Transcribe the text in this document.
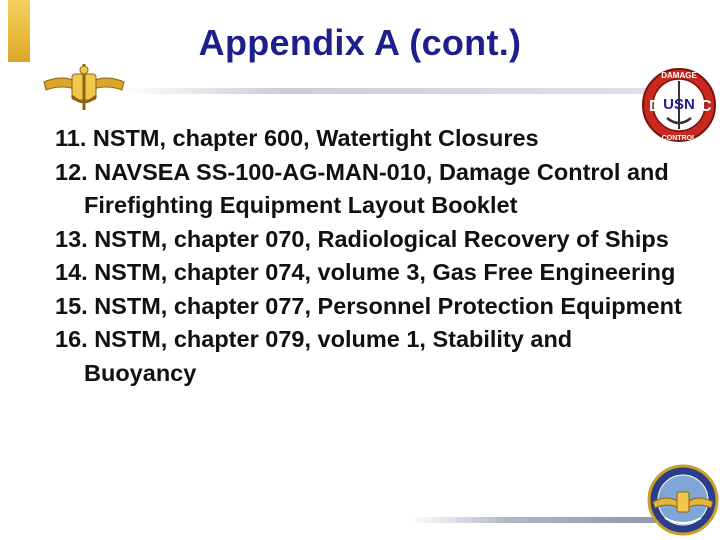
Appendix A (cont.)
DAMAGE
USN
D C
CONTROL
11. NSTM, chapter 600, Watertight Closures
12. NAVSEA SS-100-AG-MAN-010, Damage Control and Firefighting Equipment Layout Booklet
13. NSTM, chapter 070, Radiological Recovery of Ships
14. NSTM, chapter 074, volume 3, Gas Free Engineering
15. NSTM, chapter 077, Personnel Protection Equipment
16. NSTM, chapter 079, volume 1, Stability and Buoyancy
